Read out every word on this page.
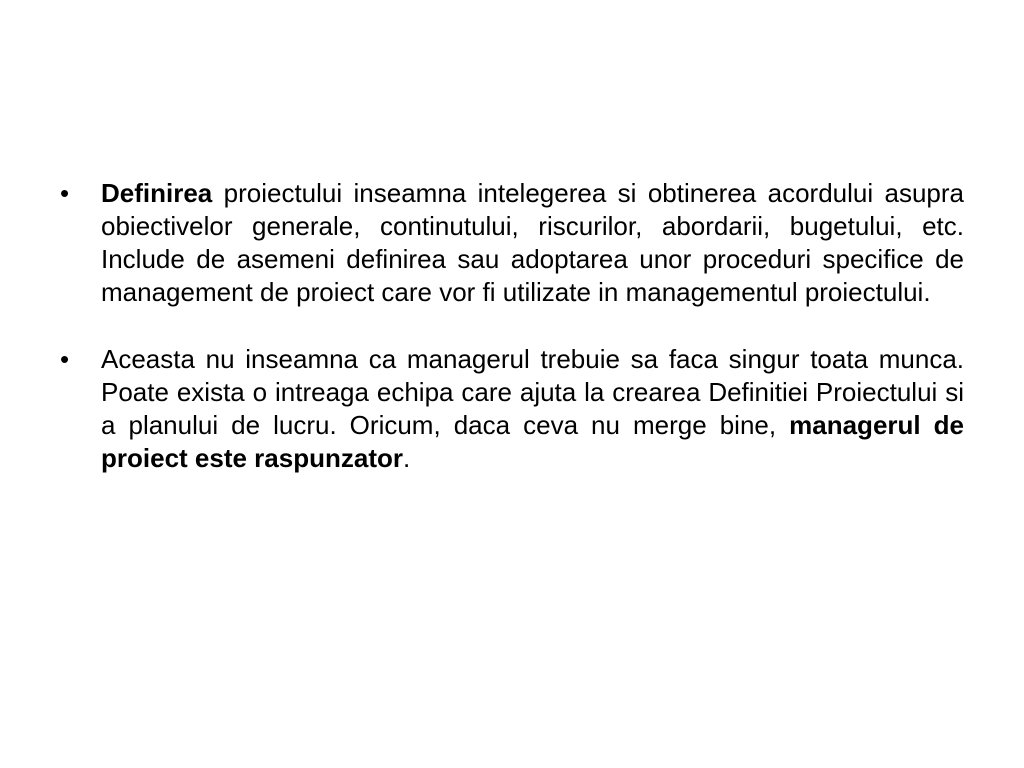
•	Definirea proiectului inseamna intelegerea si obtinerea acordului asupra obiectivelor generale, continutului, riscurilor, abordarii, bugetului, etc. Include de asemeni definirea sau adoptarea unor proceduri specifice de management de proiect care vor fi utilizate in managementul proiectului.
•	Aceasta nu inseamna ca managerul trebuie sa faca singur toata munca. Poate exista o intreaga echipa care ajuta la crearea Definitiei Proiectului si a planului de lucru. Oricum, daca ceva nu merge bine, managerul de proiect este raspunzator.
